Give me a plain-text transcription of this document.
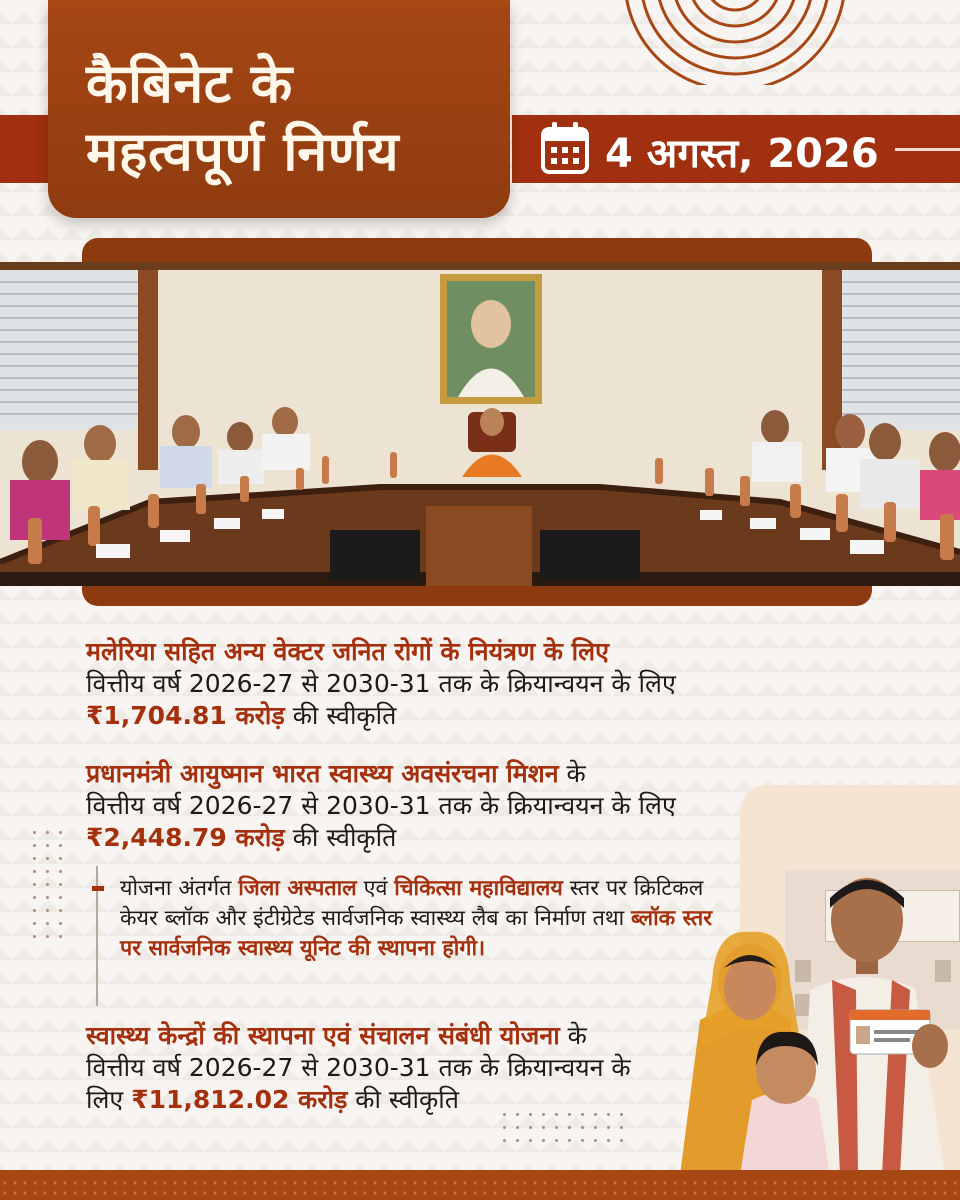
कैबिनेट के
महत्वपूर्ण निर्णय	4 अगस्त, 2026
मलेरिया सहित अन्य वेक्टर जनित रोगों के नियंत्रण के लिए
वित्तीय वर्ष 2026-27 से 2030-31 तक के क्रियान्वयन के लिए
₹1,704.81 करोड़ की स्वीकृति
प्रधानमंत्री आयुष्मान भारत स्वास्थ्य अवसंरचना मिशन के
वित्तीय वर्ष 2026-27 से 2030-31 तक के क्रियान्वयन के लिए
₹2,448.79 करोड़ की स्वीकृति
योजना अंतर्गत जिला अस्पताल एवं चिकित्सा महाविद्यालय स्तर पर क्रिटिकल केयर ब्लॉक और इंटीग्रेटेड सार्वजनिक स्वास्थ्य लैब का निर्माण तथा ब्लॉक स्तर पर सार्वजनिक स्वास्थ्य यूनिट की स्थापना होगी।
स्वास्थ्य केन्द्रों की स्थापना एवं संचालन संबंधी योजना के
वित्तीय वर्ष 2026-27 से 2030-31 तक के क्रियान्वयन के
लिए ₹11,812.02 करोड़ की स्वीकृति
